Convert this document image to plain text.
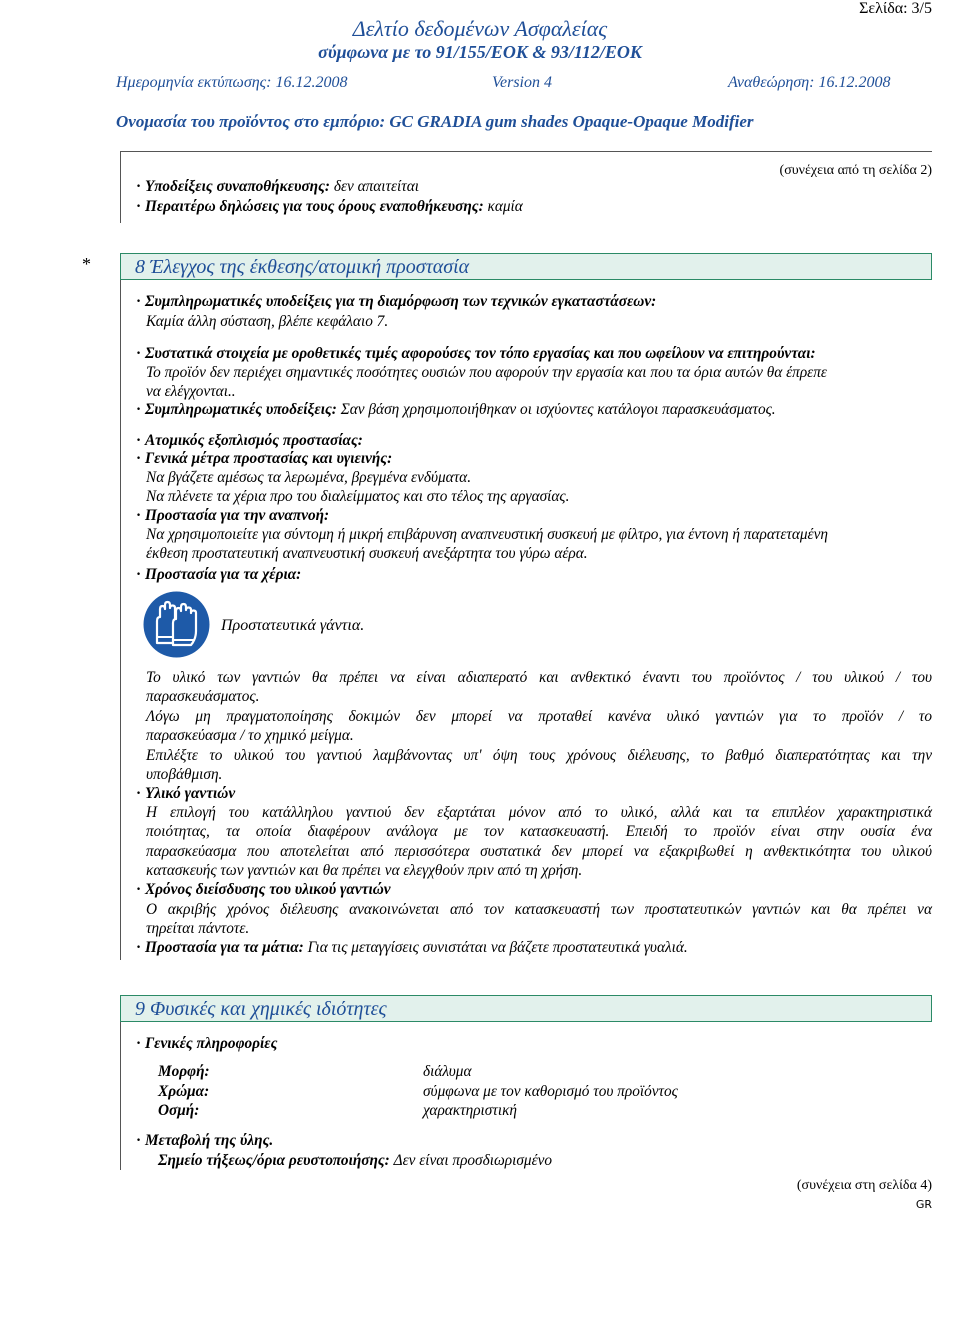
Σελίδα: 3/5
Δελτίο δεδομένων Ασφαλείας
σύμφωνα με το 91/155/ΕΟΚ & 93/112/ΕΟΚ
Ημερομηνία εκτύπωσης: 16.12.2008	Version 4	Αναθεώρηση: 16.12.2008
Ονομασία του προϊόντος στο εμπόριο: GC GRADIA gum shades Opaque-Opaque Modifier
(συνέχεια από τη σελίδα 2)
· Υποδείξεις συναποθήκευσης: δεν απαιτείται
· Περαιτέρω δηλώσεις για τους όρους εναποθήκευσης: καμία
*	8 Έλεγχος της έκθεσης/ατομική προστασία
· Συμπληρωματικές υποδείξεις για τη διαμόρφωση των τεχνικών εγκαταστάσεων:
Καμία άλλη σύσταση, βλέπε κεφάλαιο 7.
· Συστατικά στοιχεία με οροθετικές τιμές αφορούσες τον τόπο εργασίας και που ωφείλουν να επιτηρούνται:
Το προϊόν δεν περιέχει σημαντικές ποσότητες ουσιών που αφορούν την εργασία και που τα όρια αυτών θα έπρεπε
να ελέγχονται..
· Συμπληρωματικές υποδείξεις: Σαν βάση χρησιμοποιήθηκαν οι ισχύοντες κατάλογοι παρασκευάσματος.
· Ατομικός εξοπλισμός προστασίας:
· Γενικά μέτρα προστασίας και υγιεινής:
Να βγάζετε αμέσως τα λερωμένα, βρεγμένα ενδύματα.
Να πλένετε τα χέρια προ του διαλείμματος και στο τέλος της αργασίας.
· Προστασία για την αναπνοή:
Να χρησιμοποιείτε για σύντομη ή μικρή επιβάρυνση αναπνευστική συσκευή με φίλτρο, για έντονη ή παρατεταμένη
έκθεση προστατευτική αναπνευστική συσκευή ανεξάρτητα του γύρω αέρα.
· Προστασία για τα χέρια:
Προστατευτικά γάντια.
Το υλικό των γαντιών θα πρέπει να είναι αδιαπερατό και ανθεκτικό έναντι του προϊόντος / του υλικού / του
παρασκευάσματος.
Λόγω μη πραγματοποίησης δοκιμών δεν μπορεί να προταθεί κανένα υλικό γαντιών για το προϊόν / το
παρασκεύασμα / το χημικό μείγμα.
Επιλέξτε το υλικού του γαντιού λαμβάνοντας υπ' όψη τους χρόνους διέλευσης, το βαθμό διαπερατότητας και την
υποβάθμιση.
· Υλικό γαντιών
Η επιλογή του κατάλληλου γαντιού δεν εξαρτάται μόνον από το υλικό, αλλά και τα επιπλέον χαρακτηριστικά
ποιότητας, τα οποία διαφέρουν ανάλογα με τον κατασκευαστή. Επειδή το προϊόν είναι στην ουσία ένα
παρασκεύασμα που αποτελείται από περισσότερα συστατικά δεν μπορεί να εξακριβωθεί η ανθεκτικότητα του υλικού
κατασκευής των γαντιών και θα πρέπει να ελεγχθούν πριν από τη χρήση.
· Χρόνος διείσδυσης του υλικού γαντιών
Ο ακριβής χρόνος διέλευσης ανακοινώνεται από τον κατασκευαστή των προστατευτικών γαντιών και θα πρέπει να
τηρείται πάντοτε.
· Προστασία για τα μάτια: Για τις μεταγγίσεις συνιστάται να βάζετε προστατευτικά γυαλιά.
9 Φυσικές και χημικές ιδιότητες
· Γενικές πληροφορίες
Μορφή:	διάλυμα
Χρώμα:	σύμφωνα με τον καθορισμό του προϊόντος
Οσμή:	χαρακτηριστική
· Μεταβολή της ύλης.
Σημείο τήξεως/όρια ρευστοποιήσης: Δεν είναι προσδιωρισμένο
(συνέχεια στη σελίδα 4)
GR
